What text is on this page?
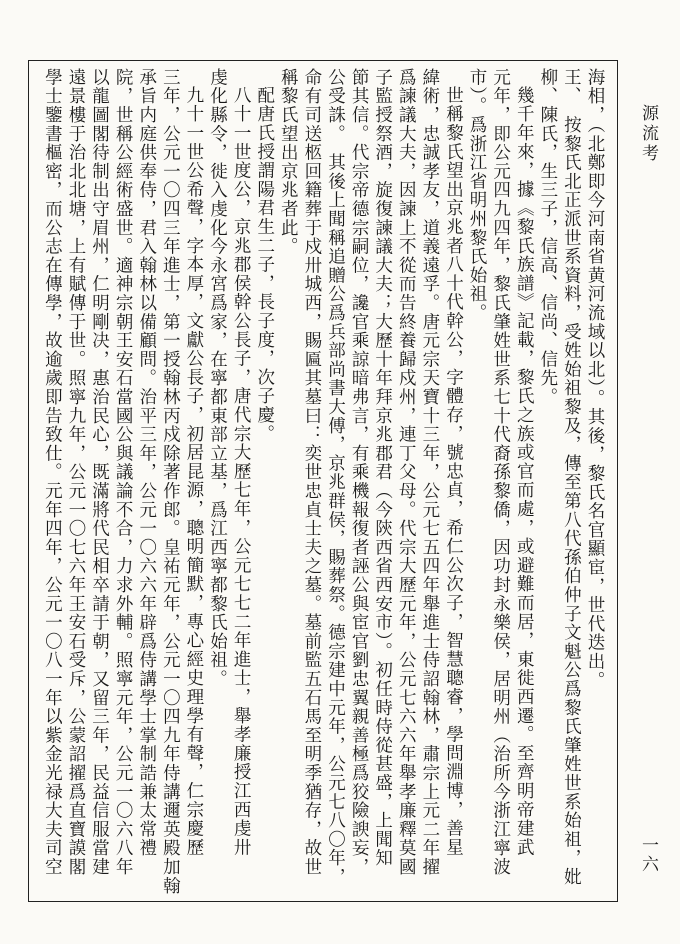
源流考
一六
海相，（北鄭即今河南省黄河流域以北）。其後，黎氏名官顯宦，世代迭出。
王、　按黎氏北正派世系資料，受姓始祖黎及，傳至第八代孫伯仲子文魁公爲黎氏肇姓世系始祖，妣
柳、陳氏，生三子，信高、信尚、信先。
幾千年來，據《黎氏族譜》記載，黎氏之族或官而處，或避難而居，東徙西遷。至齊明帝建武
元年，即公元四九四年，黎氏肇姓世系七十代裔孫黎僑，因功封永樂侯，居明州（治所今浙江寧波
市）。爲浙江省明州黎氏始祖。
世稱黎氏望出京兆者八十代幹公，字體存，號忠貞，希仁公次子，智慧聰睿，學問淵博，善星
緯術，忠誠孝友，道義遠孚。唐元宗天寶十三年，公元七五四年舉進士侍詔翰林，肅宗上元二年擢
爲諫議大夫，因諫上不從而告終養歸戍州，連丁父母。代宗大歷元年，公元七六六年舉孝廉釋莫國
子監授祭酒，旋復諫議大夫；大歷十年拜京兆郡君（今陝西省西安市）。初任時侍從甚盛，上聞知
節其信。代宗帝德宗嗣位，讒官乘諒暗弗言，有乘機報復者誣公與宦官劉忠翼親善極爲狡險諛妄，
公受誅。　其後上聞稱追贈公爲兵部尚書大傅，京兆群侯，賜葬祭。德宗建中元年，公元七八〇年，
命有司送柩回籍葬于戍卅城西，賜匾其墓曰：奕世忠貞士夫之墓。墓前監五石馬至明季猶存，故世
稱黎氏望出京兆者此。
配唐氏授謂陽君生二子，長子度，次子慶。
八十一世度公，京兆郡侯幹公長子，唐代宗大歷七年，公元七七二年進士，舉孝廉授江西虔卅
虔化縣令，徙入虔化今永宮爲家，在寧都東部立基，爲江西寧都黎氏始祖。
九十一世公希聲，字本厚，文獻公長子，初居昆源，聰明簡默，專心經史理學有聲，仁宗慶歷
三年，公元一〇四三年進士，第一授翰林丙戍除著作郎。皇祐元年，公元一〇四九年侍講邇英殿加翰
承旨内庭供奉侍，君入翰林以備顧問。治平三年，公元一〇六六年辟爲侍講學士掌制誥兼太常禮
院，世稱公經術盛世。適神宗朝王安石當國公與議論不合，力求外輔。照寧元年，公元一〇六八年
以龍圖閣待制出守眉州，仁明剛决，惠治民心，既滿將代民相卒請于朝，又留三年，民益信服當建
遠景樓于治北北塘，上有賦傳于世。照寧九年，公元一〇七六年王安石受斥，公蒙詔擢爲直寶謨閣
學士鑒書樞密，而公志在傳學，故逾歲即告致仕。元年四年，公元一〇八一年以紫金光禄大夫司空
